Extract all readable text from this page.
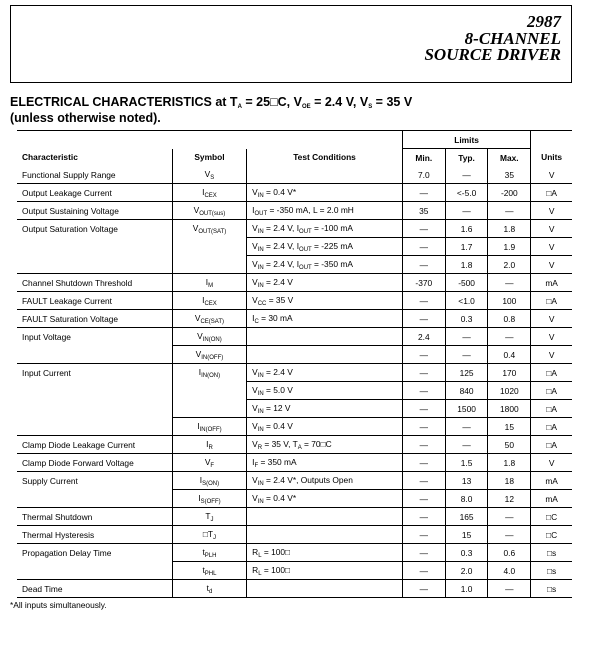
2987
8-CHANNEL
SOURCE DRIVER
ELECTRICAL CHARACTERISTICS at $T_A$ = 25□C, $V_{OE} = 2.4$ V, $V_S = 35$ V
(unless otherwise noted).
			Limits			
Characteristic	Symbol	Test Conditions	Min.	Typ.	Max.	Units
Functional Supply Range	$V_S$		7.0	—	35	V
Output Leakage Current	$I_{CEX}$	$V_{IN} = 0.4$ V*	—	<-5.0	-200	□A
Output Sustaining Voltage	$V_{OUT(sus)}$	$I_{OUT} = -350$ mA, L = 2.0 mH	35	—	—	V
Output Saturation Voltage	$V_{OUT(SAT)}$	$V_{IN} = 2.4$ V, $I_{OUT} = -100$ mA	—	1.6	1.8	V
		$V_{IN} = 2.4$ V, $I_{OUT} = -225$ mA	—	1.7	1.9	V
		$V_{IN} = 2.4$ V, $I_{OUT} = -350$ mA	—	1.8	2.0	V
Channel Shutdown Threshold	$I_M$	$V_{IN} = 2.4$ V	-370	-500	—	mA
FAULT Leakage Current	$I_{CEX}$	$V_{CC} = 35$ V	—	<1.0	100	□A
FAULT Saturation Voltage	$V_{CE(SAT)}$	$I_C = 30$ mA	—	0.3	0.8	V
Input Voltage	$V_{IN(ON)}$		2.4	—	—	V
	$V_{IN(OFF)}$		—	—	0.4	V
Input Current	$I_{IN(ON)}$	$V_{IN} = 2.4$ V	—	125	170	□A
		$V_{IN} = 5.0$ V	—	840	1020	□A
		$V_{IN} = 12$ V	—	1500	1800	□A
	$I_{IN(OFF)}$	$V_{IN} = 0.4$ V	—	—	15	□A
Clamp Diode Leakage Current	$I_R$	$V_R = 35$ V, $T_A$ = 70□C	—	—	50	□A
Clamp Diode Forward Voltage	$V_F$	$I_F = 350$ mA	—	1.5	1.8	V
Supply Current	$I_{S(ON)}$	$V_{IN} = 2.4$ V*, Outputs Open	—	13	18	mA
	$I_{S(OFF)}$	$V_{IN} = 0.4$ V*	—	8.0	12	mA
Thermal Shutdown	$T_J$		—	165	—	□C
Thermal Hysteresis	$□T_J$		—	15	—	□C
Propagation Delay Time	$t_{PLH}$	$R_L$ = 100□	—	0.3	0.6	□s
	$t_{PHL}$	$R_L$ = 100□	—	2.0	4.0	□s
Dead Time	$t_d$		—	1.0	—	□s
*All inputs simultaneously.
